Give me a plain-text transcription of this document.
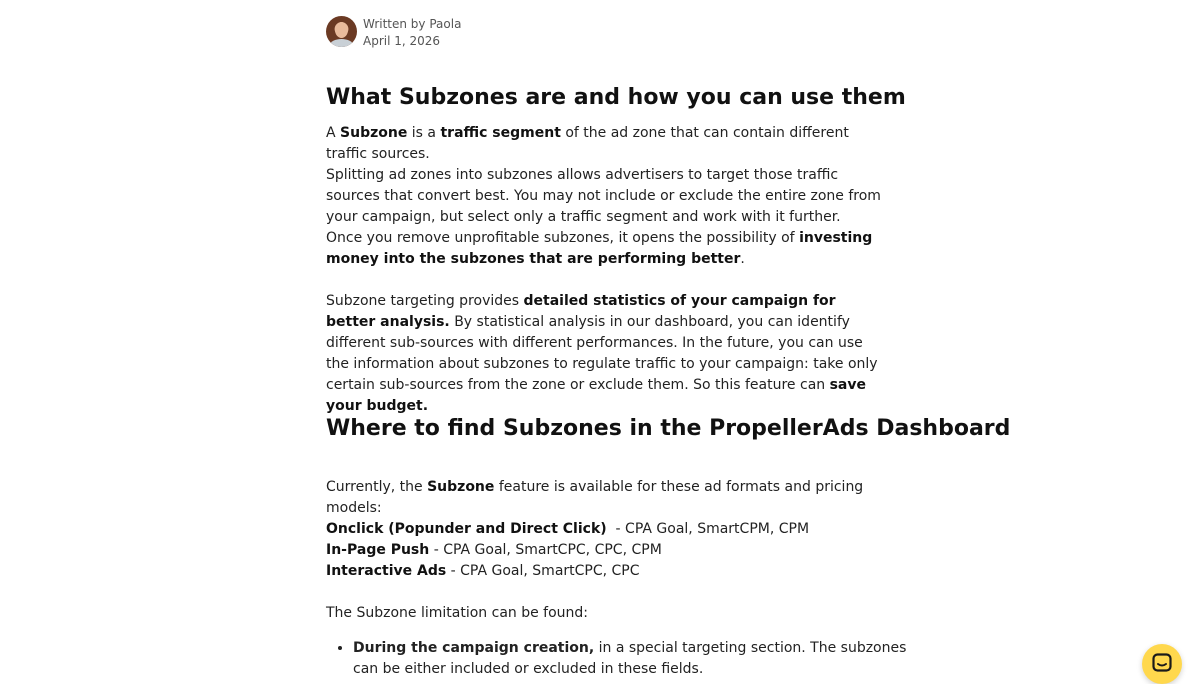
Written by Paola
April 1, 2026
What Subzones are and how you can use them

A Subzone is a traffic segment of the ad zone that can contain different traffic sources.

Splitting ad zones into subzones allows advertisers to target those traffic sources that convert best. You may not include or exclude the entire zone from your campaign, but select only a traffic segment and work with it further.
Once you remove unprofitable subzones, it opens the possibility of investing money into the subzones that are performing better.

Subzone targeting provides detailed statistics of your campaign for better analysis. By statistical analysis in our dashboard, you can identify different sub-sources with different performances. In the future, you can use the information about subzones to regulate traffic to your campaign: take only certain sub-sources from the zone or exclude them. So this feature can save your budget.

Where to find Subzones in the PropellerAds Dashboard

Currently, the Subzone feature is available for these ad formats and pricing models:

Onclick (Popunder and Direct Click)  - CPA Goal, SmartCPM, CPM
In-Page Push - CPA Goal, SmartCPC, CPC, CPM
Interactive Ads - CPA Goal, SmartCPC, CPC

The Subzone limitation can be found:

• During the campaign creation, in a special targeting section. The subzones can be either included or excluded in these fields.
